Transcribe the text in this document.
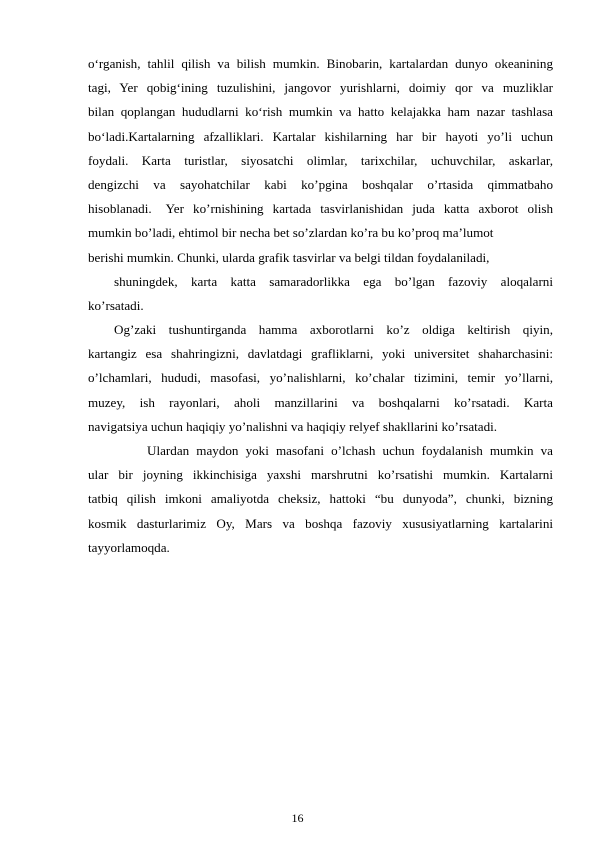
o‘rganish, tahlil qilish va bilish mumkin. Binobarin, kartalardan dunyo okeanining
tagi, Yer qobig‘ining tuzulishini, jangovor yurishlarni, doimiy qor va muzliklar
bilan qoplangan hududlarni ko‘rish mumkin va hatto kelajakka ham nazar tashlasa
bo‘ladi.Kartalarning afzalliklari. Kartalar kishilarning har bir hayoti yo’li uchun
foydali. Karta turistlar, siyosatchi olimlar, tarixchilar, uchuvchilar, askarlar,
dengizchi va sayohatchilar kabi ko’pgina boshqalar o’rtasida qimmatbaho
hisoblanadi. Yer ko’rnishining kartada tasvirlanishidan juda katta axborot olish
mumkin bo’ladi, ehtimol bir necha bet so’zlardan ko’ra bu ko’proq ma’lumot
berishi mumkin. Chunki, ularda grafik tasvirlar va belgi tildan foydalaniladi,
shuningdek, karta katta samaradorlikka ega bo’lgan fazoviy aloqalarni
ko’rsatadi.
Og’zaki tushuntirganda hamma axborotlarni ko’z oldiga keltirish qiyin,
kartangiz esa shahringizni, davlatdagi grafliklarni, yoki universitet shaharchasini:
o’lchamlari, hududi, masofasi, yo’nalishlarni, ko’chalar tizimini, temir yo’llarni,
muzey, ish rayonlari, aholi manzillarini va boshqalarni ko’rsatadi. Karta
navigatsiya uchun haqiqiy yo’nalishni va haqiqiy relyef shakllarini ko’rsatadi.
Ulardan maydon yoki masofani o’lchash uchun foydalanish mumkin va
ular bir joyning ikkinchisiga yaxshi marshrutni ko’rsatishi mumkin. Kartalarni
tatbiq qilish imkoni amaliyotda cheksiz, hattoki “bu dunyoda”, chunki, bizning
kosmik dasturlarimiz Oy, Mars va boshqa fazoviy xususiyatlarning kartalarini
tayyorlamoqda.
16
